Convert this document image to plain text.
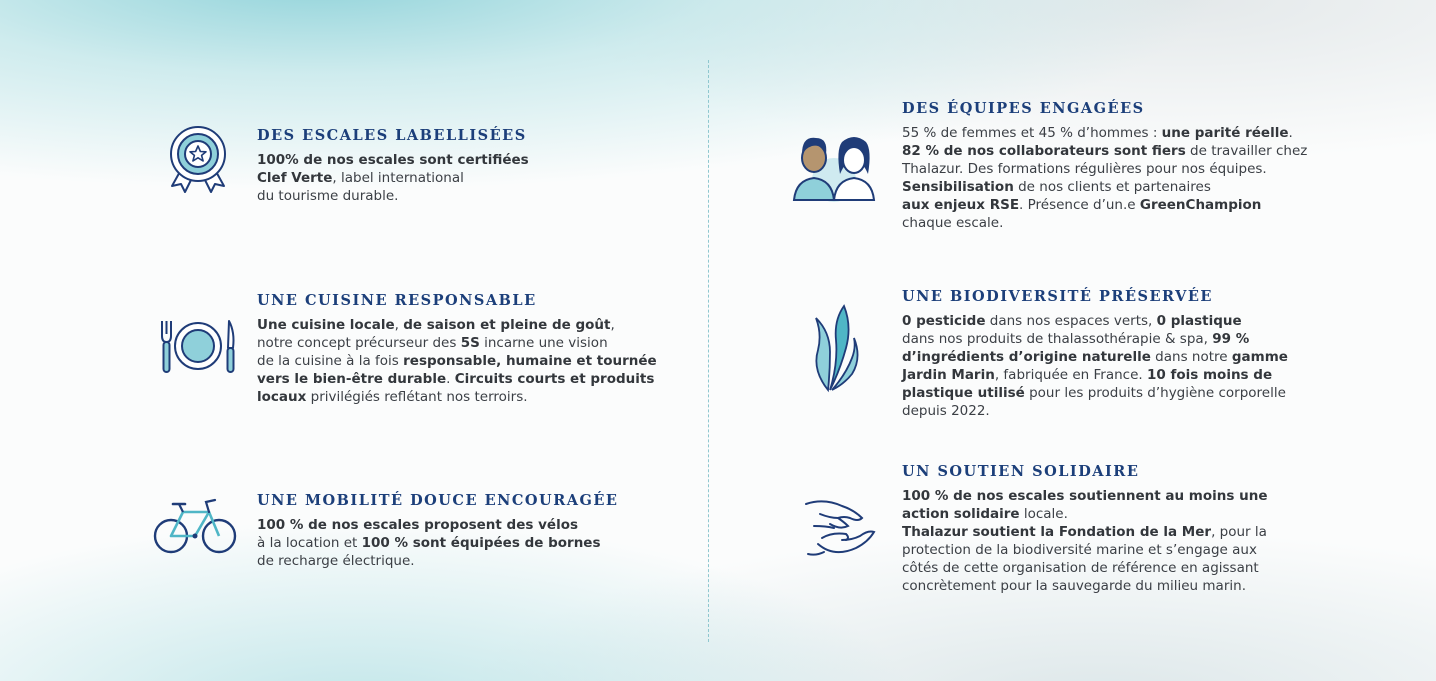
DES ESCALES LABELLISÉES

100% de nos escales sont certifiées
Clef Verte, label international
du tourisme durable.

UNE CUISINE RESPONSABLE

Une cuisine locale, de saison et pleine de goût,
notre concept précurseur des 5S incarne une vision
de la cuisine à la fois responsable, humaine et tournée
vers le bien-être durable. Circuits courts et produits
locaux privilégiés reflétant nos terroirs.

UNE MOBILITÉ DOUCE ENCOURAGÉE

100 % de nos escales proposent des vélos
à la location et 100 % sont équipées de bornes
de recharge électrique.

DES ÉQUIPES ENGAGÉES

55 % de femmes et 45 % d’hommes : une parité réelle.
82 % de nos collaborateurs sont fiers de travailler chez
Thalazur. Des formations régulières pour nos équipes.
Sensibilisation de nos clients et partenaires
aux enjeux RSE. Présence d’un.e GreenChampion
chaque escale.

UNE BIODIVERSITÉ PRÉSERVÉE

0 pesticide dans nos espaces verts, 0 plastique
dans nos produits de thalassothérapie & spa, 99 %
d’ingrédients d’origine naturelle dans notre gamme
Jardin Marin, fabriquée en France. 10 fois moins de
plastique utilisé pour les produits d’hygiène corporelle
depuis 2022.

UN SOUTIEN SOLIDAIRE

100 % de nos escales soutiennent au moins une
action solidaire locale.
Thalazur soutient la Fondation de la Mer, pour la
protection de la biodiversité marine et s’engage aux
côtés de cette organisation de référence en agissant
concrètement pour la sauvegarde du milieu marin.
